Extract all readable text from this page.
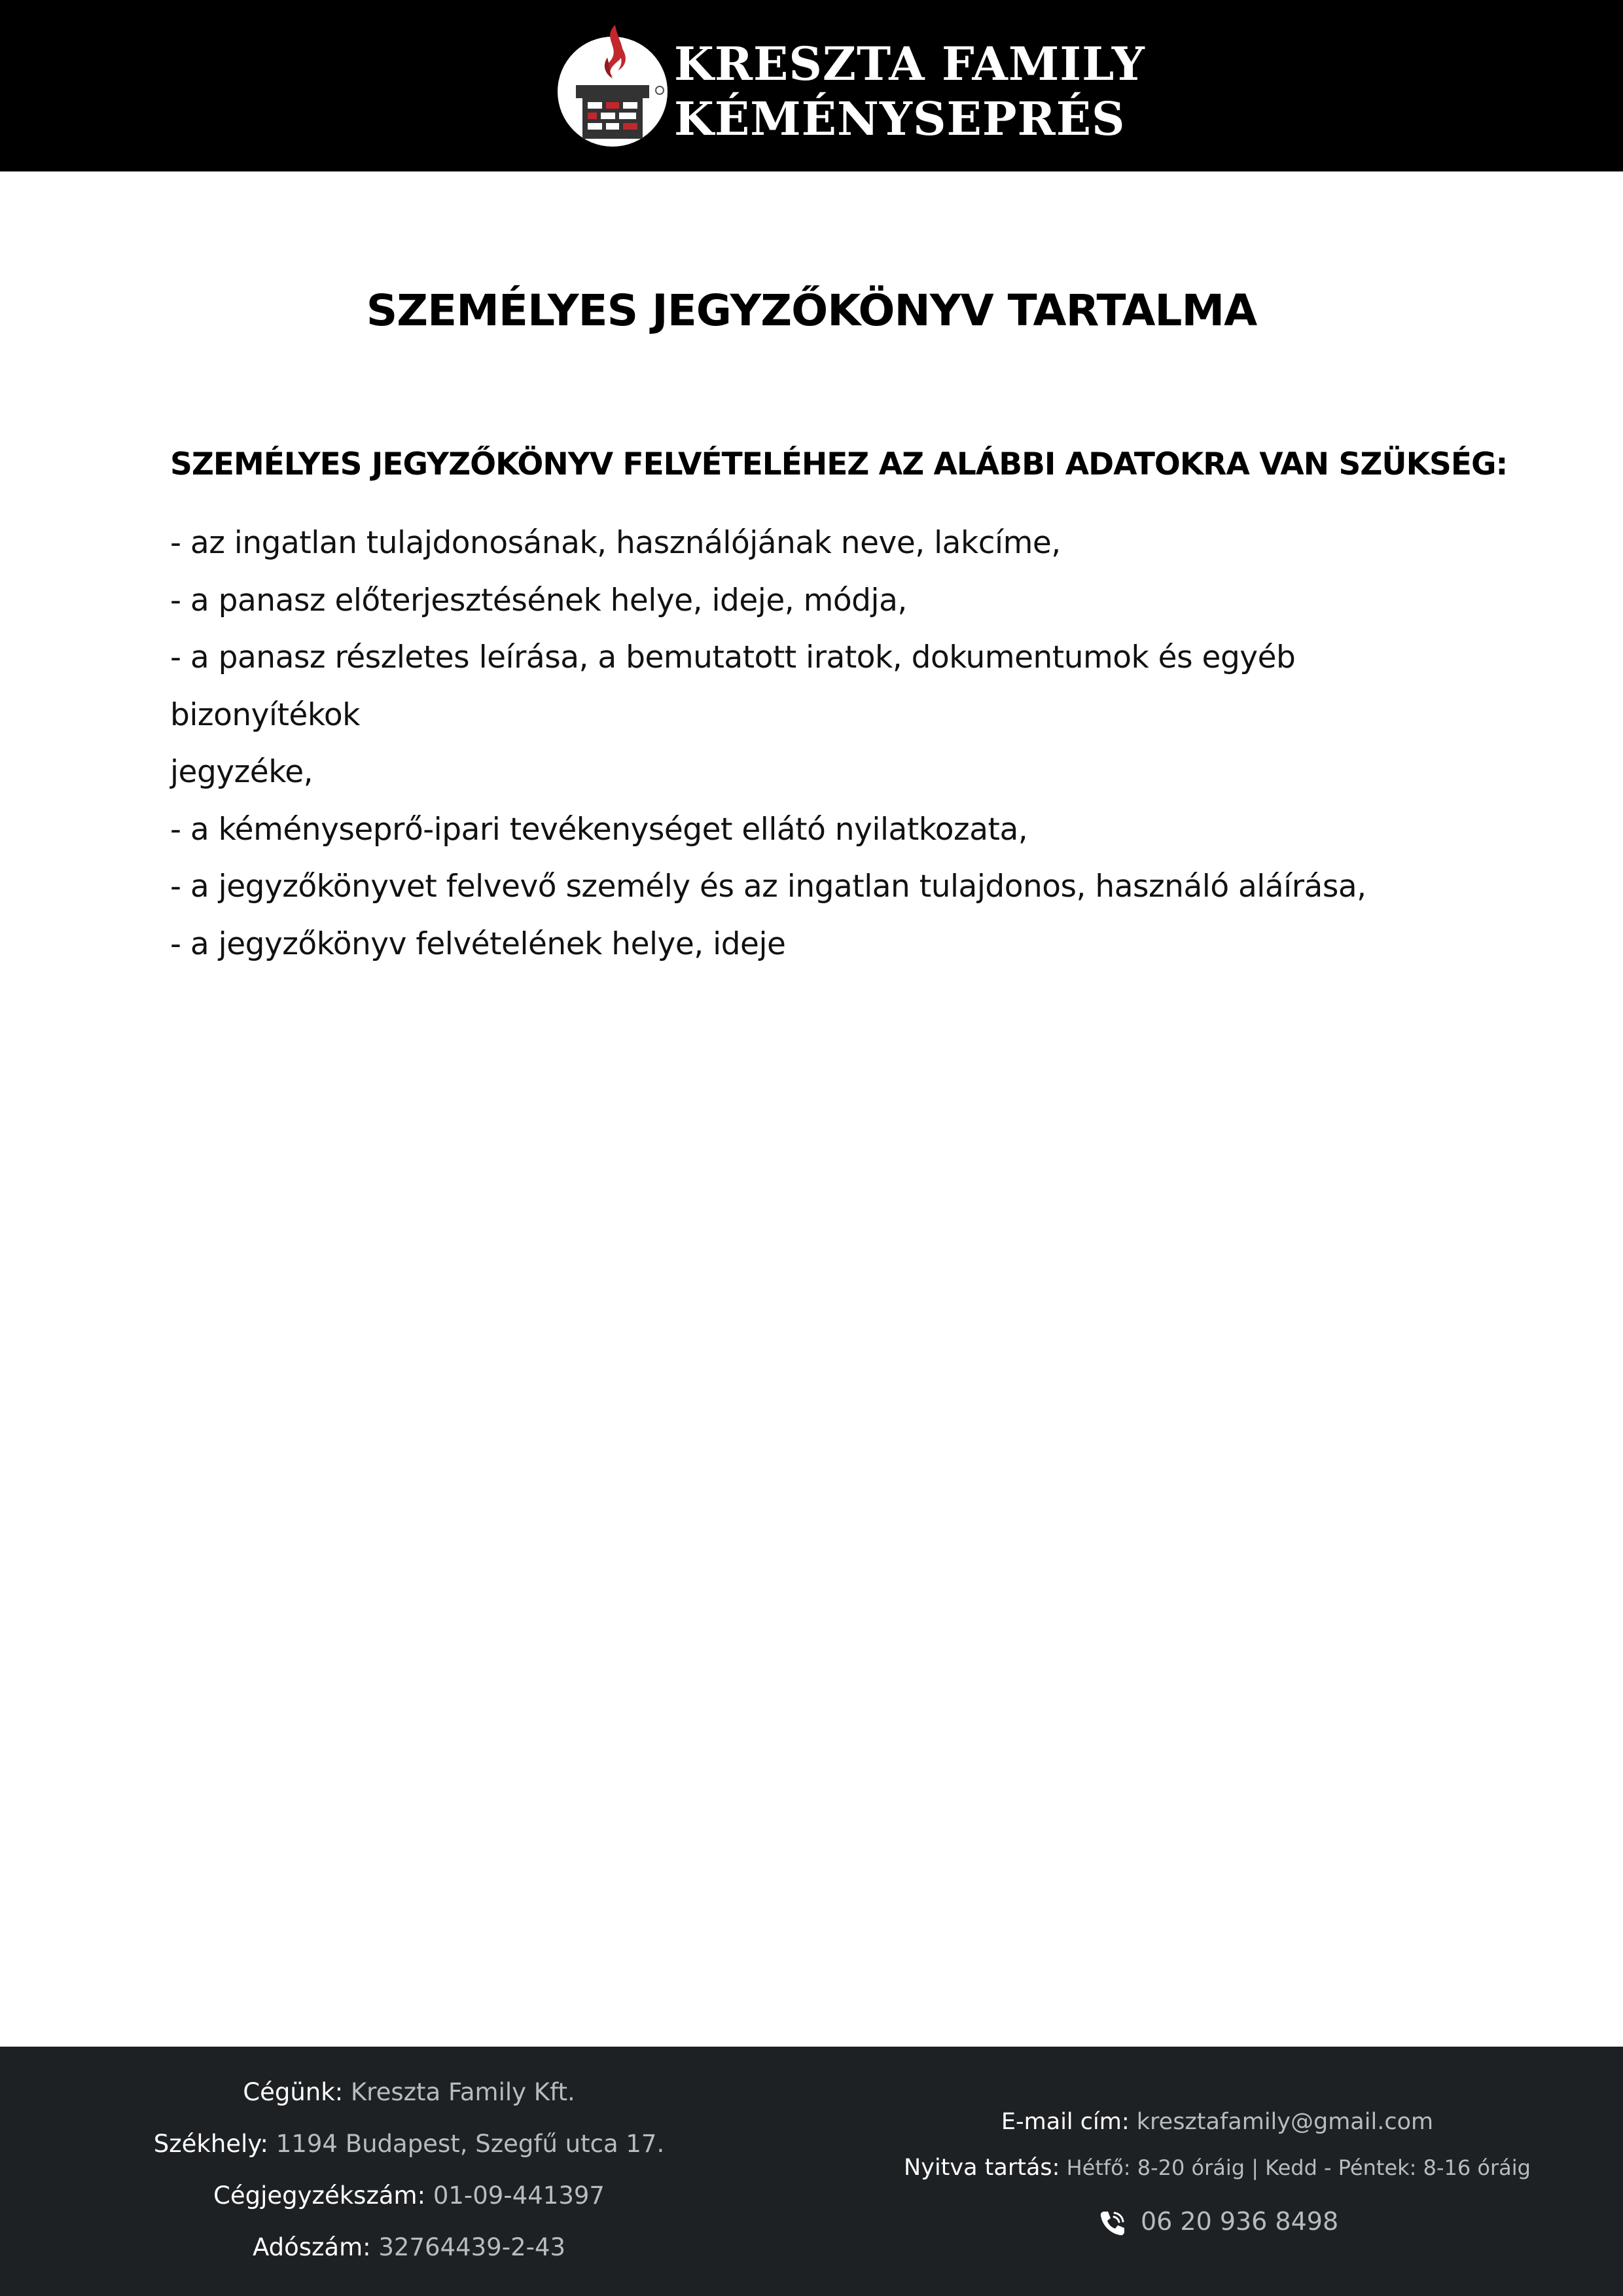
KRESZTA FAMILY
KÉMÉNYSEPRÉS
SZEMÉLYES JEGYZŐKÖNYV TARTALMA
SZEMÉLYES JEGYZŐKÖNYV FELVÉTELÉHEZ AZ ALÁBBI ADATOKRA VAN SZÜKSÉG:
- az ingatlan tulajdonosának, használójának neve, lakcíme,
- a panasz előterjesztésének helye, ideje, módja,
- a panasz részletes leírása, a bemutatott iratok, dokumentumok és egyéb bizonyítékok
jegyzéke,
- a kéményseprő-ipari tevékenységet ellátó nyilatkozata,
- a jegyzőkönyvet felvevő személy és az ingatlan tulajdonos, használó aláírása,
- a jegyzőkönyv felvételének helye, ideje
Cégünk: Kreszta Family Kft.
Székhely: 1194 Budapest, Szegfű utca 17.
Cégjegyzékszám: 01-09-441397
Adószám: 32764439-2-43
E-mail cím: kresztafamily@gmail.com
Nyitva tartás: Hétfő: 8-20 óráig | Kedd - Péntek: 8-16 óráig
06 20 936 8498
